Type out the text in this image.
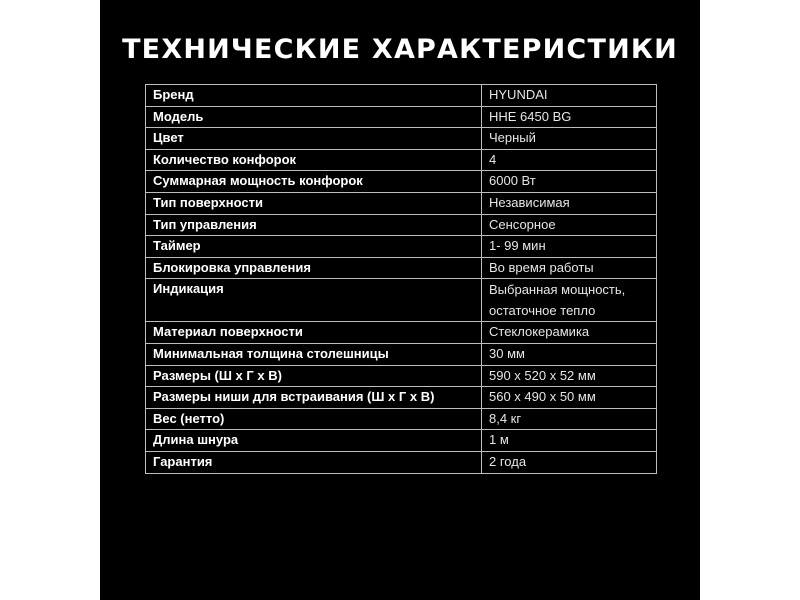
ТЕХНИЧЕСКИЕ ХАРАКТЕРИСТИКИ
Бренд	HYUNDAI
Модель	HHE 6450 BG
Цвет	Черный
Количество конфорок	4
Суммарная мощность конфорок	6000 Вт
Тип поверхности	Независимая
Тип управления	Сенсорное
Таймер	1- 99 мин
Блокировка управления	Во время работы
Индикация	Выбранная мощность,
остаточное тепло

Материал поверхности	Стеклокерамика
Минимальная толщина столешницы	30 мм
Размеры (Ш х Г х В)	590 х 520 х 52 мм
Размеры ниши для встраивания (Ш х Г х В)	560 х 490 х 50 мм
Вес (нетто)	8,4 кг
Длина шнура	1 м
Гарантия	2 года
